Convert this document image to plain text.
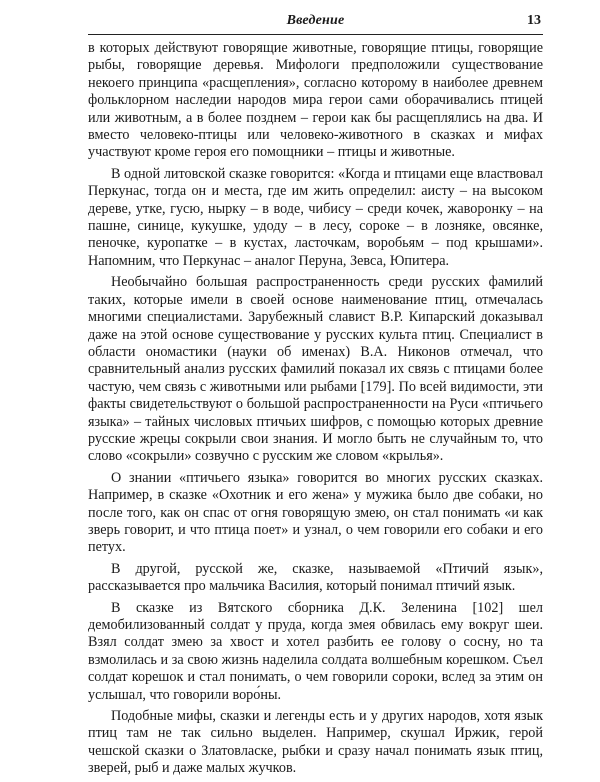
Введение	13

в которых действуют говорящие животные, говорящие птицы, говорящие рыбы, говорящие деревья. Мифологи предположили существование некоего принципа «расщепления», согласно которому в наиболее древнем фольклорном наследии народов мира герои сами оборачивались птицей или животным, а в более позднем – герои как бы расщеплялись на два. И вместо человеко-птицы или человеко-животного в сказках и мифах участвуют кроме героя его помощники – птицы и животные.

В одной литовской сказке говорится: «Когда и птицами еще властвовал Перкунас, тогда он и места, где им жить определил: аисту – на высоком дереве, утке, гусю, нырку – в воде, чибису – среди кочек, жаворонку – на пашне, синице, кукушке, удоду – в лесу, сороке – в лозняке, овсянке, пеночке, куропатке – в кустах, ласточкам, воробьям – под крышами». Напомним, что Перкунас – аналог Перуна, Зевса, Юпитера.

Необычайно большая распространенность среди русских фамилий таких, которые имели в своей основе наименование птиц, отмечалась многими специалистами. Зарубежный славист В.Р. Кипарский доказывал даже на этой основе существование у русских культа птиц. Специалист в области ономастики (науки об именах) В.А. Никонов отмечал, что сравнительный анализ русских фамилий показал их связь с птицами более частую, чем связь с животными или рыбами [179]. По всей видимости, эти факты свидетельствуют о большой распространенности на Руси «птичьего языка» – тайных числовых птичьих шифров, с помощью которых древние русские жрецы сокрыли свои знания. И могло быть не случайным то, что слово «сокрыли» созвучно с русским же словом «крылья».

О знании «птичьего языка» говорится во многих русских сказках. Например, в сказке «Охотник и его жена» у мужика было две собаки, но после того, как он спас от огня говорящую змею, он стал понимать «и как зверь говорит, и что птица поет» и узнал, о чем говорили его собаки и его петух.

В другой, русской же, сказке, называемой «Птичий язык», рассказывается про мальчика Василия, который понимал птичий язык.

В сказке из Вятского сборника Д.К. Зеленина [102] шел демобилизованный солдат у пруда, когда змея обвилась ему вокруг шеи. Взял солдат змею за хвост и хотел разбить ее голову о сосну, но та взмолилась и за свою жизнь наделила солдата волшебным корешком. Съел солдат корешок и стал понимать, о чем говорили сороки, вслед за этим он услышал, что говорили воро́ны.

Подобные мифы, сказки и легенды есть и у других народов, хотя язык птиц там не так сильно выделен. Например, скушал Иржик, герой чешской сказки о Златовласке, рыбки и сразу начал понимать язык птиц, зверей, рыб и даже малых жучков.
